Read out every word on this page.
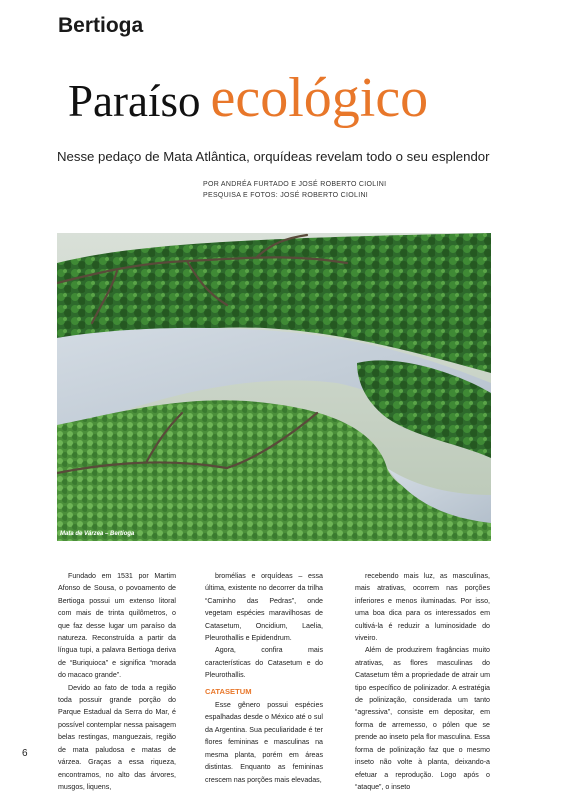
Bertioga
Paraíso ecológico
Nesse pedaço de Mata Atlântica, orquídeas revelam todo o seu esplendor
POR ANDRÉA FURTADO E JOSÉ ROBERTO CIOLINI
PESQUISA E FOTOS: JOSÉ ROBERTO CIOLINI
Mata de Várzea – Bertioga

Fundado em 1531 por Martim Afonso de Sousa, o povoamento de Bertioga possui um extenso litoral com mais de trinta quilômetros, o que faz desse lugar um paraíso da natureza. Reconstruída a partir da língua tupi, a palavra Bertioga deriva de “Buriquioca” e significa “morada do macaco grande”.

Devido ao fato de toda a região toda possuir grande porção do Parque Estadual da Serra do Mar, é possível contemplar nessa paisagem belas restingas, manguezais, região de mata paludosa e matas de várzea. Graças a essa riqueza, encontramos, no alto das árvores, musgos, liquens,

bromélias e orquídeas – essa última, existente no decorrer da trilha “Caminho das Pedras”, onde vegetam espécies maravilhosas de Catasetum, Oncidium, Laelia, Pleurothallis e Epidendrum.

Agora, confira mais características do Catasetum e do Pleurothallis.

CATASETUM

Esse gênero possui espécies espalhadas desde o México até o sul da Argentina. Sua peculiaridade é ter flores femininas e masculinas na mesma planta, porém em áreas distintas. Enquanto as femininas crescem nas porções mais elevadas,

recebendo mais luz, as masculinas, mais atrativas, ocorrem nas porções inferiores e menos iluminadas. Por isso, uma boa dica para os interessados em cultivá-la é reduzir a luminosidade do viveiro.

Além de produzirem fragâncias muito atrativas, as flores masculinas do Catasetum têm a propriedade de atrair um tipo específico de polinizador. A estratégia de polinização, considerada um tanto “agressiva”, consiste em depositar, em forma de arremesso, o pólen que se prende ao inseto pela flor masculina. Essa forma de polinização faz que o mesmo inseto não volte à planta, deixando-a efetuar a reprodução. Logo após o “ataque”, o inseto

6
